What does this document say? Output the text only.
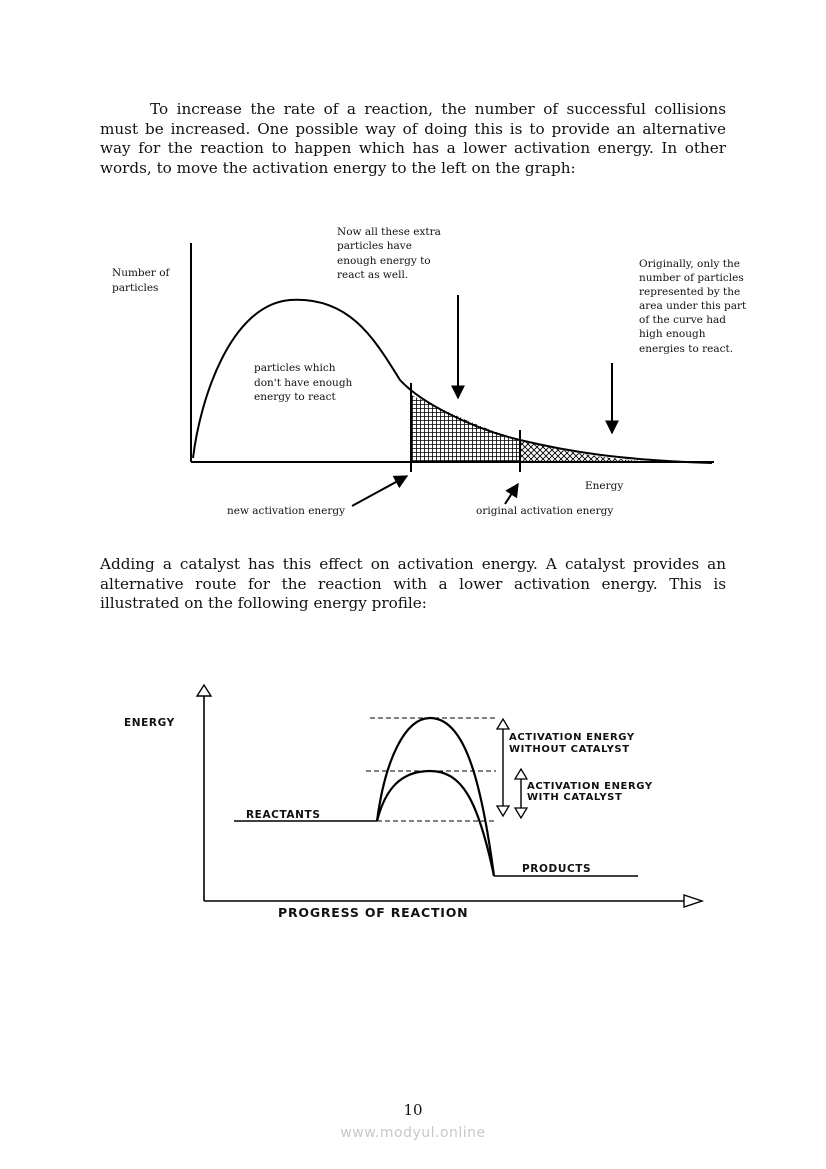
To increase the rate of a reaction, the number of successful collisions must be increased. One possible way of doing this is to provide an alternative way for the reaction to happen which has a lower activation energy. In other words, to move the activation energy to the left on the graph:

Number of particles
Now all these extra particles have enough energy to react as well.
Originally, only the number of particles represented by the area under this part of the curve had high enough energies to react.
particles which don't have enough energy to react
Energy
new activation energy	original activation energy
ENERGY
REACTANTS
PRODUCTS
ACTIVATION ENERGY WITHOUT CATALYST
ACTIVATION ENERGY WITH CATALYST
PROGRESS OF REACTION

Adding a catalyst has this effect on activation energy. A catalyst provides an alternative route for the reaction with a lower activation energy. This is illustrated on the following energy profile:

10
www.modyul.online
